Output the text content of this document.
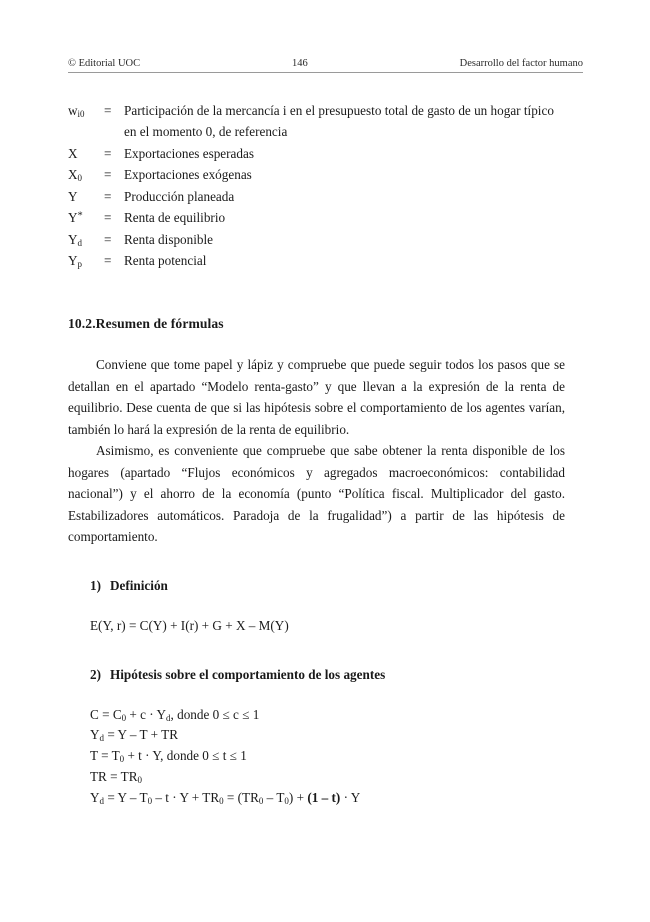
© Editorial UOC	146	Desarrollo del factor humano
$w_{i0}$	= Participación de la mercancía i en el presupuesto total de gasto de un hogar típico en el momento 0, de referencia
X	= Exportaciones esperadas
$X_0$	= Exportaciones exógenas
Y	= Producción planeada
Y*	= Renta de equilibrio
$Y_d$	= Renta disponible
$Y_p$	= Renta potencial
10.2.Resumen de fórmulas

Conviene que tome papel y lápiz y compruebe que puede seguir todos los pasos que se detallan en el apartado “Modelo renta-gasto” y que llevan a la expresión de la renta de equilibrio. Dese cuenta de que si las hipótesis sobre el comportamiento de los agentes varían, también lo hará la expresión de la renta de equilibrio.

Asimismo, es conveniente que compruebe que sabe obtener la renta disponible de los hogares (apartado “Flujos económicos y agregados macroeconómicos: contabilidad nacional”) y el ahorro de la economía (punto “Política fiscal. Multiplicador del gasto. Estabilizadores automáticos. Paradoja de la frugalidad”) a partir de las hipótesis de comportamiento.

1) Definición
E(Y, r) = C(Y) + I(r) + G + X – M(Y)
2) Hipótesis sobre el comportamiento de los agentes
$C = C_0 + c \cdot Y_d$, donde 0 ≤ c ≤ 1
$Y_d = Y - T$ + TR
$T = T_0 + t \cdot Y$, donde 0 ≤ t ≤ 1
TR = $TR_0$
$Y_d = Y - T_0 - t \cdot Y + TR_0 = (TR_0 - T_0) + (1 - t) \cdot Y$
